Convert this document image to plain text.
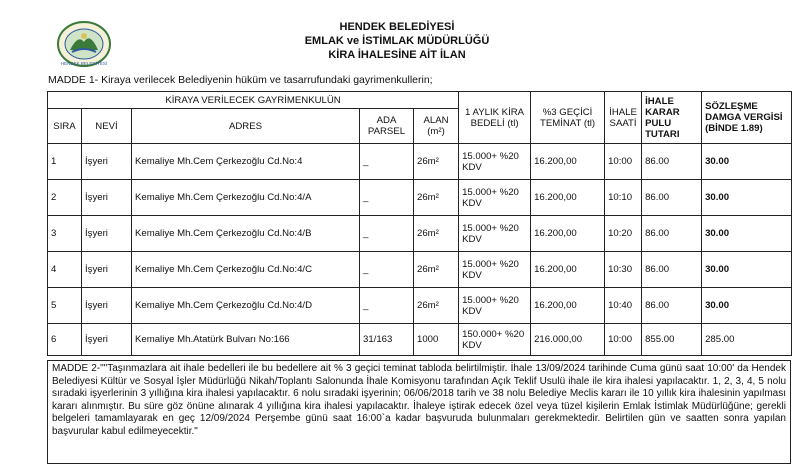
HENDEK BELEDİYESİ
HENDEK BELEDİYESİ
EMLAK ve İSTİMLAK MÜDÜRLÜĞÜ
KİRA İHALESİNE AİT İLAN
MADDE 1- Kiraya verilecek Belediyenin hüküm ve tasarrufundaki gayrimenkullerin;
KİRAYA VERİLECEK GAYRİMENKULÜN					1 AYLIK KİRA BEDELİ (tl)	%3 GEÇİCİ TEMİNAT (tl)	İHALE SAATİ	İHALE KARAR PULU TUTARI	SÖZLEŞME DAMGA VERGİSİ (BİNDE 1.89)
SIRA	NEVİ	ADRES	ADA PARSEL	ALAN (m²)					
1	İşyeri	Kemaliye Mh.Cem Çerkezoğlu Cd.No:4	_	26m²	15.000+ %20 KDV	16.200,00	10:00	86.00	30.00
2	İşyeri	Kemaliye Mh.Cem Çerkezoğlu Cd.No:4/A	_	26m²	15.000+ %20 KDV	16.200,00	10:10	86.00	30.00
3	İşyeri	Kemaliye Mh.Cem Çerkezoğlu Cd.No:4/B	_	26m²	15.000+ %20 KDV	16.200,00	10:20	86.00	30.00
4	İşyeri	Kemaliye Mh.Cem Çerkezoğlu Cd.No:4/C	_	26m²	15.000+ %20 KDV	16.200,00	10:30	86.00	30.00
5	İşyeri	Kemaliye Mh.Cem Çerkezoğlu Cd.No:4/D	_	26m²	15.000+ %20 KDV	16.200,00	10:40	86.00	30.00
6	İşyeri	Kemaliye Mh.Atatürk Bulvarı No:166	31/163	1000	150.000+ %20 KDV	216.000,00	10:00	855.00	285.00
MADDE 2-""Taşınmazlara ait ihale bedelleri ile bu bedellere ait % 3 geçici teminat tabloda belirtilmiştir. İhale 13/09/2024 tarihinde Cuma günü saat 10:00' da Hendek Belediyesi Kültür ve Sosyal İşler Müdürlüğü Nikah/Toplantı Salonunda İhale Komisyonu tarafından Açık Teklif Usulü ihale ile kira ihalesi yapılacaktır. 1, 2, 3, 4, 5 nolu sıradaki işyerlerinin 3 yıllığına kira ihalesi yapılacaktır. 6 nolu sıradaki işyerinin; 06/06/2018 tarih ve 38 nolu Belediye Meclis kararı ile 10 yıllık kira ihalesinin yapılması kararı alınmıştır. Bu süre göz önüne alınarak 4 yıllığına kira ihalesi yapılacaktır. İhaleye iştirak edecek özel veya tüzel kişilerin Emlak İstimlak Müdürlüğüne; gerekli belgeleri tamamlayarak en geç 12/09/2024 Perşembe günü saat 16:00`a kadar başvuruda bulunmaları gerekmektedir. Belirtilen gün ve saatten sonra yapılan başvurular kabul edilmeyecektir."
